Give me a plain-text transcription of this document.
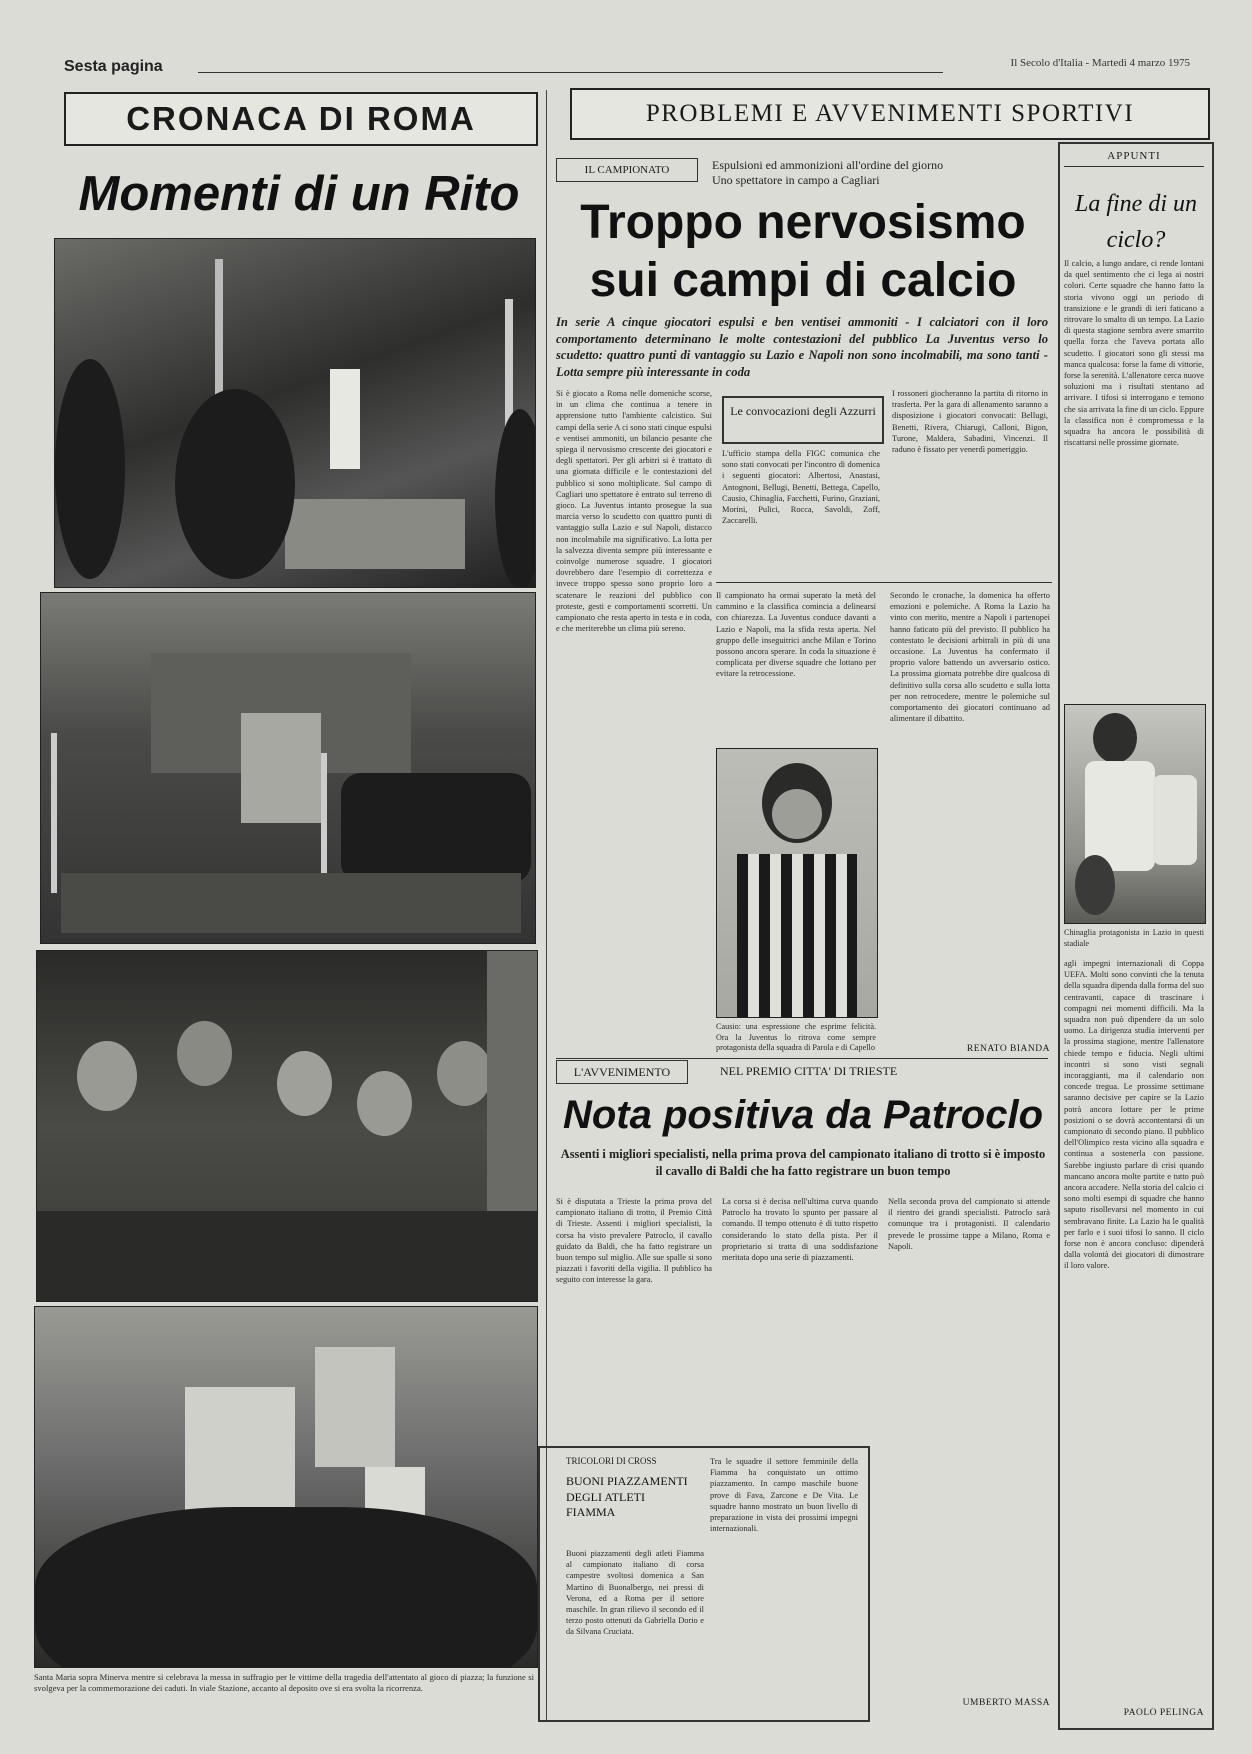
Sesta pagina	Il Secolo d'Italia - Martedì 4 marzo 1975
CRONACA DI ROMA
Momenti di un Rito
Santa Maria sopra Minerva mentre si celebrava la messa in suffragio per le vittime della tragedia dell'attentato al gioco di piazza; la funzione si svolgeva per la commemorazione dei caduti. In viale Stazione, accanto al deposito ove si era svolta la ricorrenza.
PROBLEMI E AVVENIMENTI SPORTIVI
IL CAMPIONATO	Espulsioni ed ammonizioni all'ordine del giorno
Uno spettatore in campo a Cagliari
Troppo nervosismo
sui campi di calcio
In serie A cinque giocatori espulsi e ben ventisei ammoniti - I calciatori con il loro comportamento determinano le molte contestazioni del pubblico La Juventus verso lo scudetto: quattro punti di vantaggio su Lazio e Napoli non sono incolmabili, ma sono tanti - Lotta sempre più interessante in coda
Si è giocato a Roma nelle domeniche scorse, in un clima che continua a tenere in apprensione tutto l'ambiente calcistico. Sui campi della serie A ci sono stati cinque espulsi e ventisei ammoniti, un bilancio pesante che spiega il nervosismo crescente dei giocatori e degli spettatori. Per gli arbitri si è trattato di una giornata difficile e le contestazioni del pubblico si sono moltiplicate. Sul campo di Cagliari uno spettatore è entrato sul terreno di gioco. La Juventus intanto prosegue la sua marcia verso lo scudetto con quattro punti di vantaggio sulla Lazio e sul Napoli, distacco non incolmabile ma significativo. La lotta per la salvezza diventa sempre più interessante e coinvolge numerose squadre. I giocatori dovrebbero dare l'esempio di correttezza e invece troppo spesso sono proprio loro a scatenare le reazioni del pubblico con proteste, gesti e comportamenti scorretti. Un campionato che resta aperto in testa e in coda, e che meriterebbe un clima più sereno.
Le convocazioni degli Azzurri
L'ufficio stampa della FIGC comunica che sono stati convocati per l'incontro di domenica i seguenti giocatori: Albertosi, Anastasi, Antognoni, Bellugi, Benetti, Bettega, Capello, Causio, Chinaglia, Facchetti, Furino, Graziani, Morini, Pulici, Rocca, Savoldi, Zoff, Zaccarelli.
I rossoneri giocheranno la partita di ritorno in trasferta. Per la gara di allenamento saranno a disposizione i giocatori convocati: Bellugi, Benetti, Rivera, Chiarugi, Calloni, Bigon, Turone, Maldera, Sabadini, Vincenzi. Il raduno è fissato per venerdì pomeriggio.
Il campionato ha ormai superato la metà del cammino e la classifica comincia a delinearsi con chiarezza. La Juventus conduce davanti a Lazio e Napoli, ma la sfida resta aperta. Nel gruppo delle inseguitrici anche Milan e Torino possono ancora sperare. In coda la situazione è complicata per diverse squadre che lottano per evitare la retrocessione.
Secondo le cronache, la domenica ha offerto emozioni e polemiche. A Roma la Lazio ha vinto con merito, mentre a Napoli i partenopei hanno faticato più del previsto. Il pubblico ha contestato le decisioni arbitrali in più di una occasione. La Juventus ha confermato il proprio valore battendo un avversario ostico. La prossima giornata potrebbe dire qualcosa di definitivo sulla corsa allo scudetto e sulla lotta per non retrocedere, mentre le polemiche sul comportamento dei giocatori continuano ad alimentare il dibattito.
Causio: una espressione che esprime felicità. Ora la Juventus lo ritrova come sempre protagonista della squadra di Parola e di Capello	RENATO BIANDA
L'AVVENIMENTO	NEL PREMIO CITTA' DI TRIESTE
Nota positiva da Patroclo
Assenti i migliori specialisti, nella prima prova del campionato italiano di trotto si è imposto il cavallo di Baldi che ha fatto registrare un buon tempo
Si è disputata a Trieste la prima prova del campionato italiano di trotto, il Premio Città di Trieste. Assenti i migliori specialisti, la corsa ha visto prevalere Patroclo, il cavallo guidato da Baldi, che ha fatto registrare un buon tempo sul miglio. Alle sue spalle si sono piazzati i favoriti della vigilia. Il pubblico ha seguito con interesse la gara.
La corsa si è decisa nell'ultima curva quando Patroclo ha trovato lo spunto per passare al comando. Il tempo ottenuto è di tutto rispetto considerando lo stato della pista. Per il proprietario si tratta di una soddisfazione meritata dopo una serie di piazzamenti.
Nella seconda prova del campionato si attende il rientro dei grandi specialisti. Patroclo sarà comunque tra i protagonisti. Il calendario prevede le prossime tappe a Milano, Roma e Napoli.
TRICOLORI DI CROSS
BUONI PIAZZAMENTI DEGLI ATLETI FIAMMA
Buoni piazzamenti degli atleti Fiamma al campionato italiano di corsa campestre svoltosi domenica a San Martino di Buonalbergo, nei pressi di Verona, ed a Roma per il settore maschile. In gran rilievo il secondo ed il terzo posto ottenuti da Gabriella Dorio e da Silvana Cruciata.
Tra le squadre il settore femminile della Fiamma ha conquistato un ottimo piazzamento. In campo maschile buone prove di Fava, Zarcone e De Vita. Le squadre hanno mostrato un buon livello di preparazione in vista dei prossimi impegni internazionali.
UMBERTO MASSA
APPUNTI
La fine di un ciclo?
Il calcio, a lungo andare, ci rende lontani da quel sentimento che ci lega ai nostri colori. Certe squadre che hanno fatto la storia vivono oggi un periodo di transizione e le grandi di ieri faticano a ritrovare lo smalto di un tempo. La Lazio di questa stagione sembra avere smarrito quella forza che l'aveva portata allo scudetto. I giocatori sono gli stessi ma manca qualcosa: forse la fame di vittorie, forse la serenità. L'allenatore cerca nuove soluzioni ma i risultati stentano ad arrivare. I tifosi si interrogano e temono che sia arrivata la fine di un ciclo. Eppure la classifica non è compromessa e la squadra ha ancora le possibilità di riscattarsi nelle prossime giornate.
Chinaglia protagonista in Lazio in questi stadiale
agli impegni internazionali di Coppa UEFA. Molti sono convinti che la tenuta della squadra dipenda dalla forma del suo centravanti, capace di trascinare i compagni nei momenti difficili. Ma la squadra non può dipendere da un solo uomo. La dirigenza studia interventi per la prossima stagione, mentre l'allenatore chiede tempo e fiducia. Negli ultimi incontri si sono visti segnali incoraggianti, ma il calendario non concede tregua. Le prossime settimane saranno decisive per capire se la Lazio potrà ancora lottare per le prime posizioni o se dovrà accontentarsi di un campionato di secondo piano. Il pubblico dell'Olimpico resta vicino alla squadra e continua a sostenerla con passione. Sarebbe ingiusto parlare di crisi quando mancano ancora molte partite e tutto può ancora accadere. Nella storia del calcio ci sono molti esempi di squadre che hanno saputo risollevarsi nel momento in cui sembravano finite. La Lazio ha le qualità per farlo e i suoi tifosi lo sanno. Il ciclo forse non è ancora concluso: dipenderà dalla volontà dei giocatori di dimostrare il loro valore.
PAOLO PELINGA
